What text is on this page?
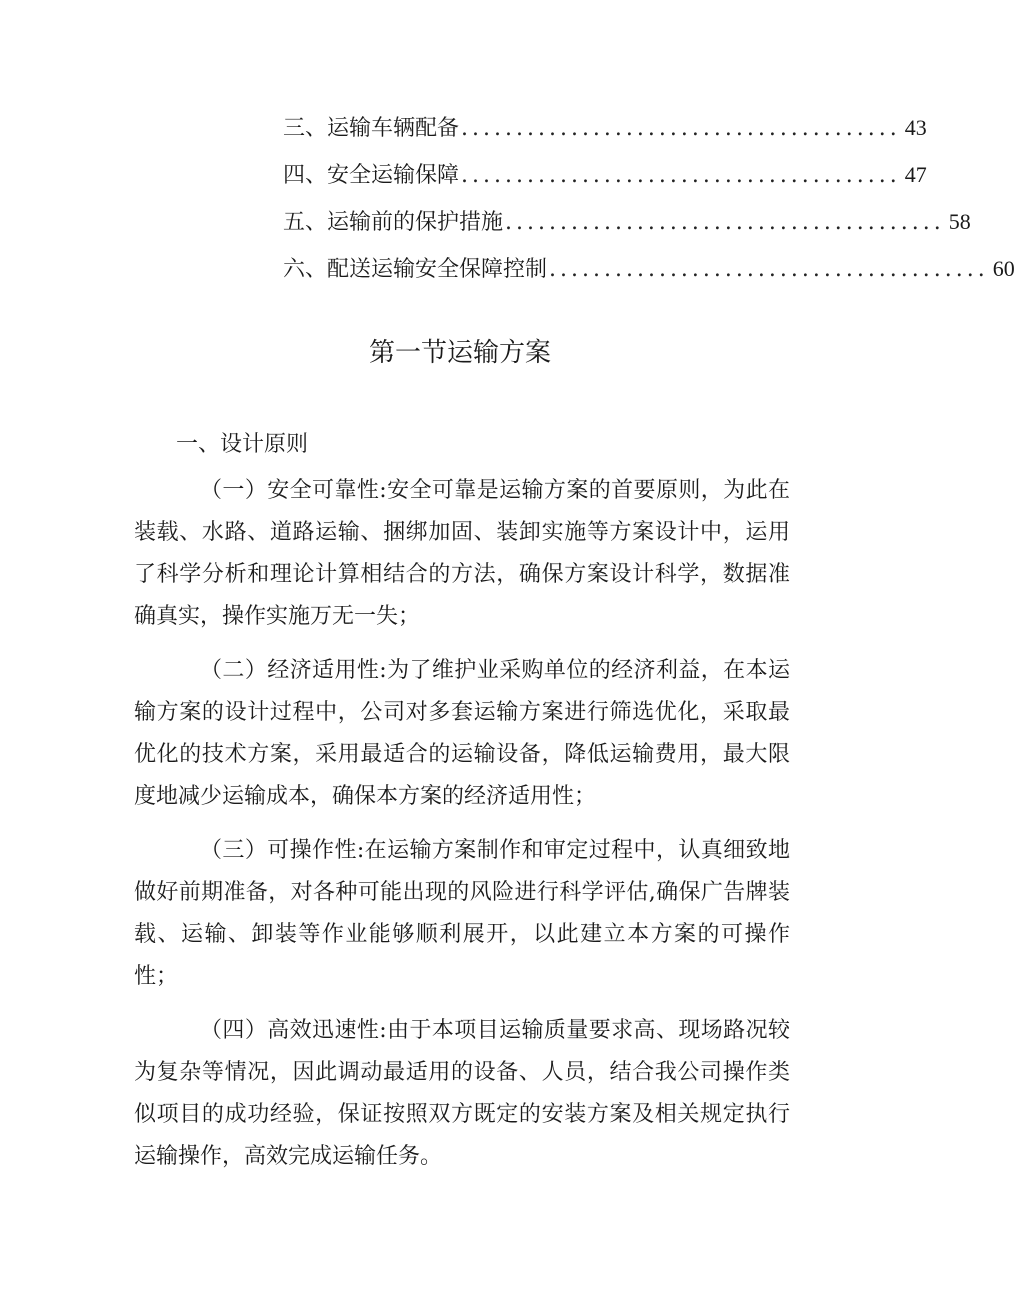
三、运输车辆配备 ........................................ 43
四、安全运输保障 ........................................ 47
五、运输前的保护措施 ........................................ 58
六、配送运输安全保障控制 ........................................ 60
第一节运输方案
一、设计原则

（一）安全可靠性:安全可靠是运输方案的首要原则，为此在装载、水路、道路运输、捆绑加固、装卸实施等方案设计中，运用了科学分析和理论计算相结合的方法，确保方案设计科学，数据准确真实，操作实施万无一失；

（二）经济适用性:为了维护业采购单位的经济利益，在本运输方案的设计过程中，公司对多套运输方案进行筛选优化，采取最优化的技术方案，采用最适合的运输设备，降低运输费用，最大限度地减少运输成本，确保本方案的经济适用性；

（三）可操作性:在运输方案制作和审定过程中，认真细致地做好前期准备，对各种可能出现的风险进行科学评估,确保广告牌装载、运输、卸装等作业能够顺利展开，以此建立本方案的可操作性；

（四）高效迅速性:由于本项目运输质量要求高、现场路况较为复杂等情况，因此调动最适用的设备、人员，结合我公司操作类似项目的成功经验，保证按照双方既定的安装方案及相关规定执行运输操作，高效完成运输任务。
